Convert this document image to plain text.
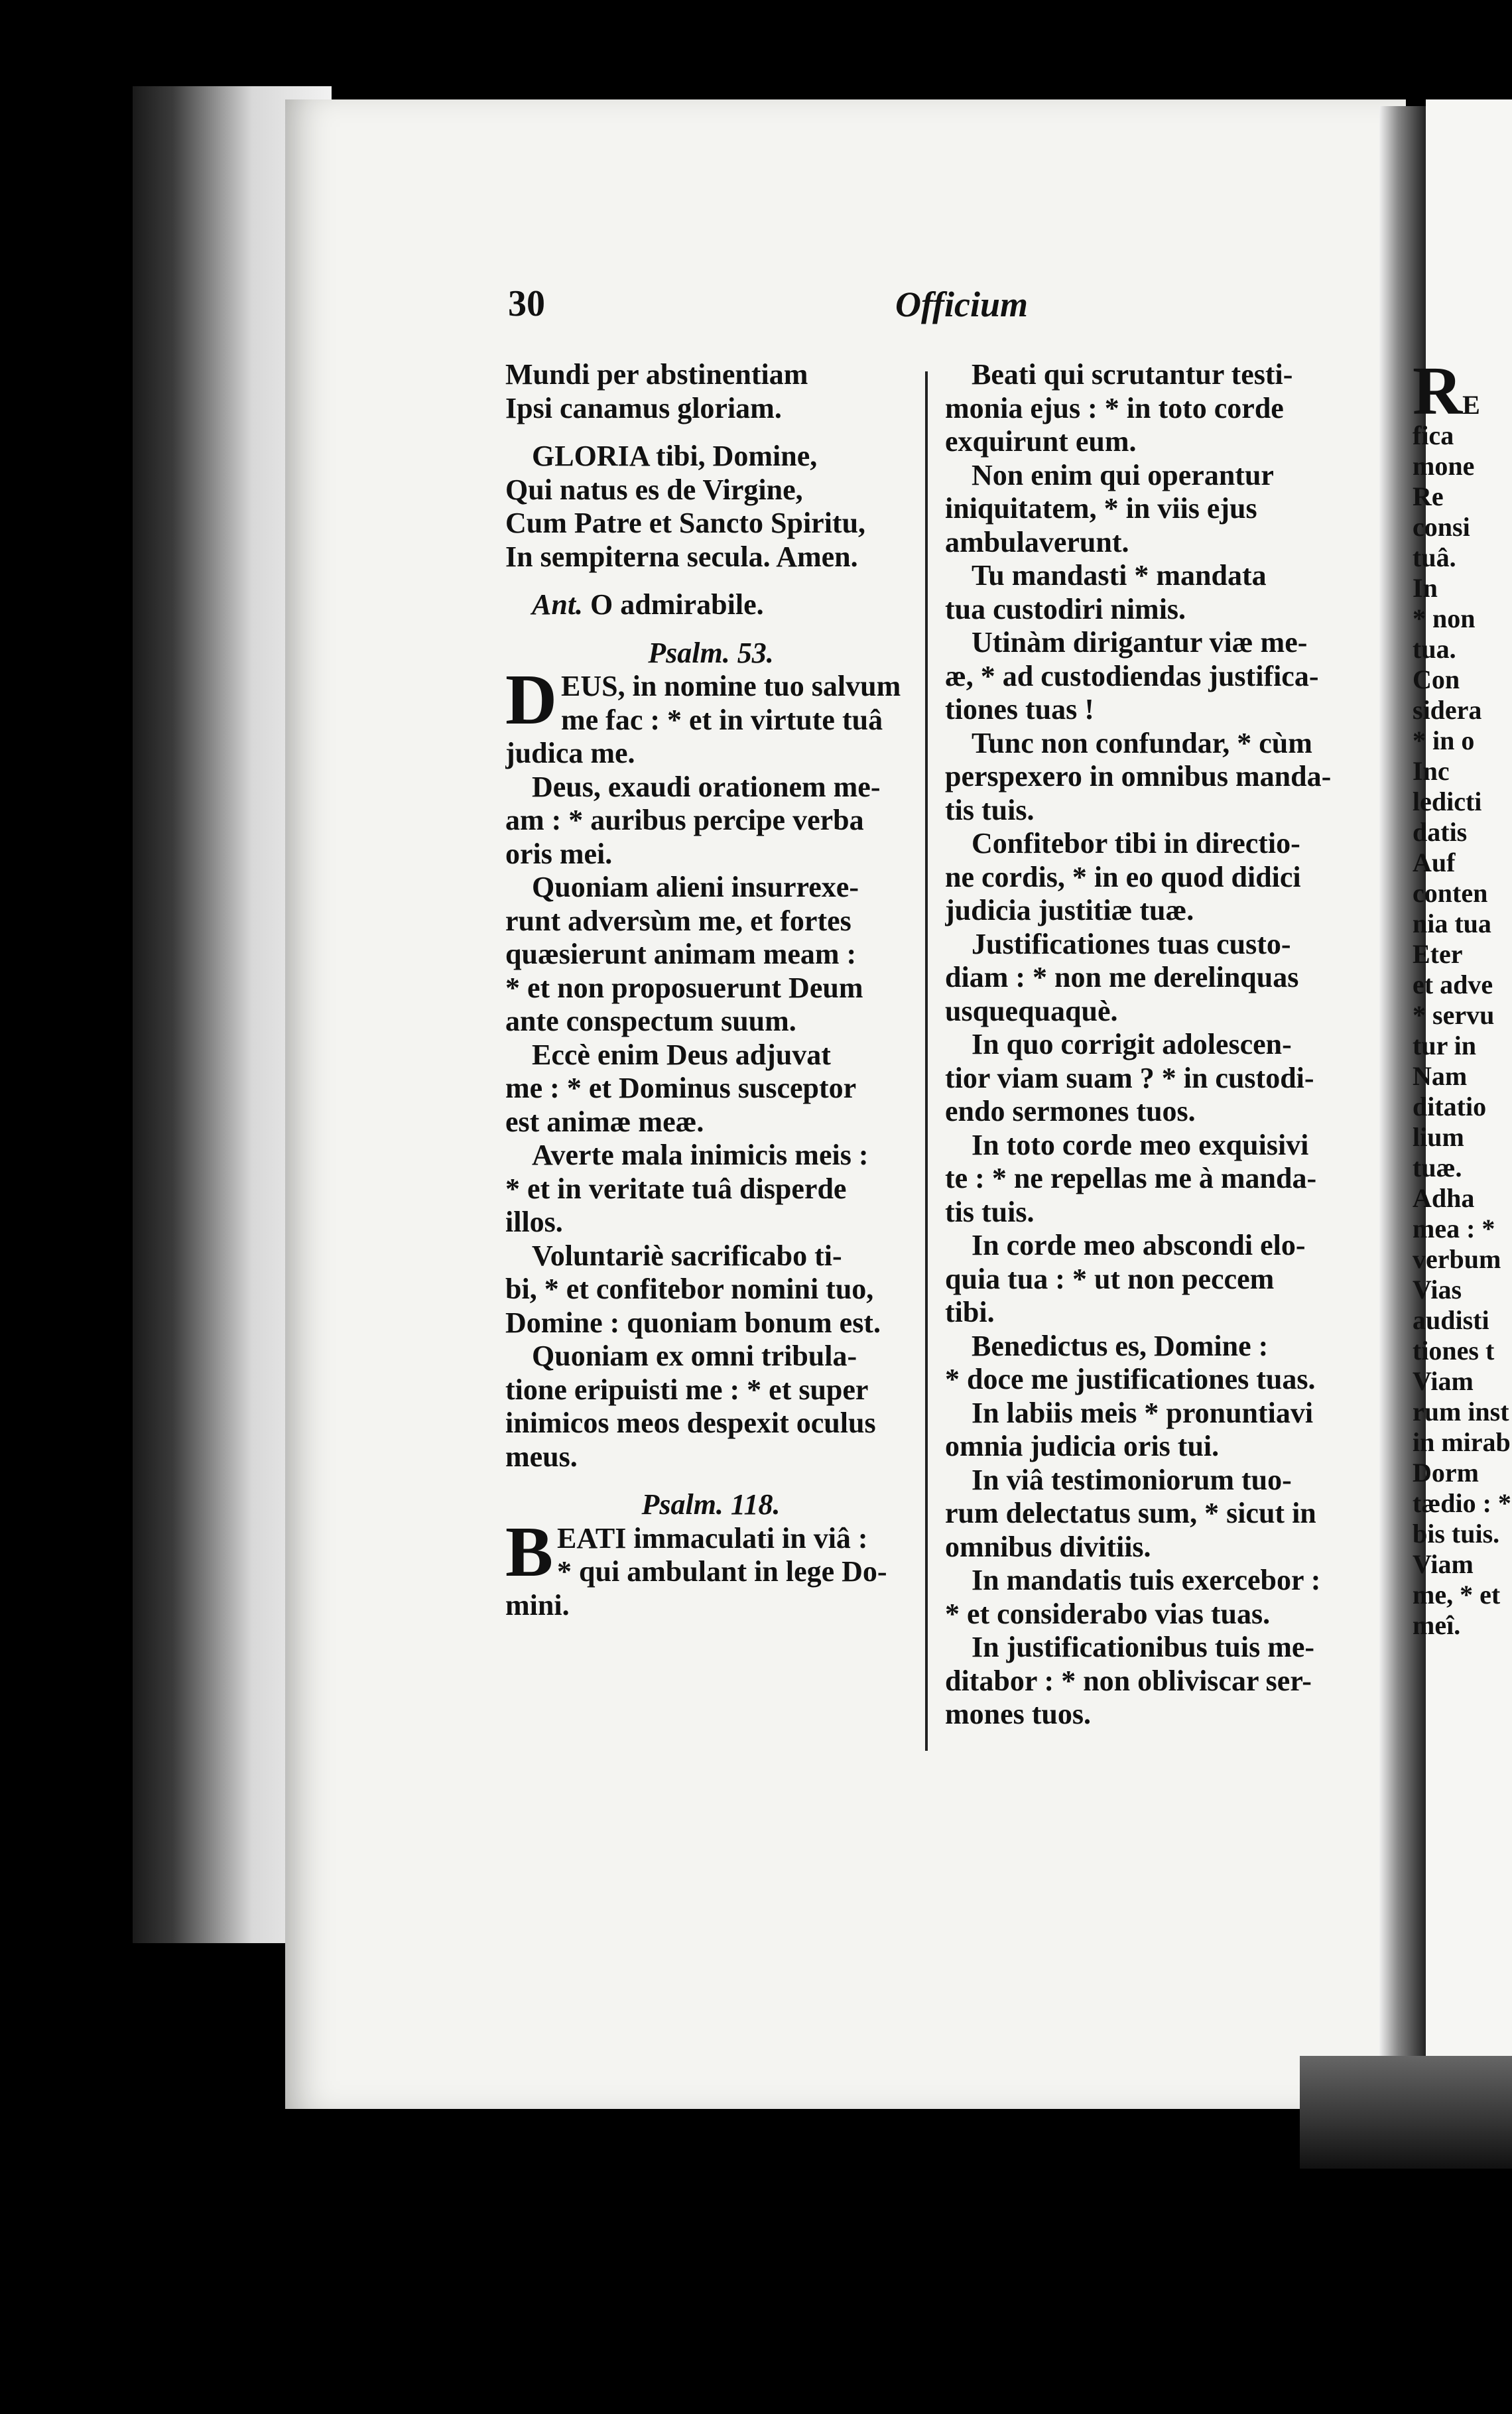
30	Officium
Mundi per abstinentiam
Ipsi canamus gloriam.
GLORIA tibi, Domine,
Qui natus es de Virgine,
Cum Patre et Sancto Spiritu,
In sempiterna secula. Amen.
Ant. O admirabile.
Psalm. 53.
D EUS, in nomine tuo salvum
me fac : * et in virtute tuâ
judica me.
Deus, exaudi orationem me-
am : * auribus percipe verba
oris mei.
Quoniam alieni insurrexe-
runt adversùm me, et fortes
quæsierunt animam meam :
* et non proposuerunt Deum
ante conspectum suum.
Eccè enim Deus adjuvat
me : * et Dominus susceptor
est animæ meæ.
Averte mala inimicis meis :
* et in veritate tuâ disperde
illos.
Voluntariè sacrificabo ti-
bi, * et confitebor nomini tuo,
Domine : quoniam bonum est.
Quoniam ex omni tribula-
tione eripuisti me : * et super
inimicos meos despexit oculus
meus.
Psalm. 118.
B EATI immaculati in viâ :
* qui ambulant in lege Do-
mini.
Beati qui scrutantur testi-
monia ejus : * in toto corde
exquirunt eum.
Non enim qui operantur
iniquitatem, * in viis ejus
ambulaverunt.
Tu mandasti * mandata
tua custodiri nimis.
Utinàm dirigantur viæ me-
æ, * ad custodiendas justifica-
tiones tuas !
Tunc non confundar, * cùm
perspexero in omnibus manda-
tis tuis.
Confitebor tibi in directio-
ne cordis, * in eo quod didici
judicia justitiæ tuæ.
Justificationes tuas custo-
diam : * non me derelinquas
usquequaquè.
In quo corrigit adolescen-
tior viam suam ? * in custodi-
endo sermones tuos.
In toto corde meo exquisivi
te : * ne repellas me à manda-
tis tuis.
In corde meo abscondi elo-
quia tua : * ut non peccem
tibi.
Benedictus es, Domine :
* doce me justificationes tuas.
In labiis meis * pronuntiavi
omnia judicia oris tui.
In viâ testimoniorum tuo-
rum delectatus sum, * sicut in
omnibus divitiis.
In mandatis tuis exercebor :
* et considerabo vias tuas.
In justificationibus tuis me-
ditabor : * non obliviscar ser-
mones tuos.
RE
fica
mone
Re
consi
tuâ.
In
* non
tua.
Con
sidera
* in o
Inc
ledicti
datis
Auf
conten
nia tua
Eter
et adve
* servu
tur in
Nam
ditatio
lium
tuæ.
Adha
mea : *
verbum
Vias
audisti
tiones t
Viam
rum inst
in mirab
Dorm
tædio : *
bis tuis.
Viam
me, * et
meî.
